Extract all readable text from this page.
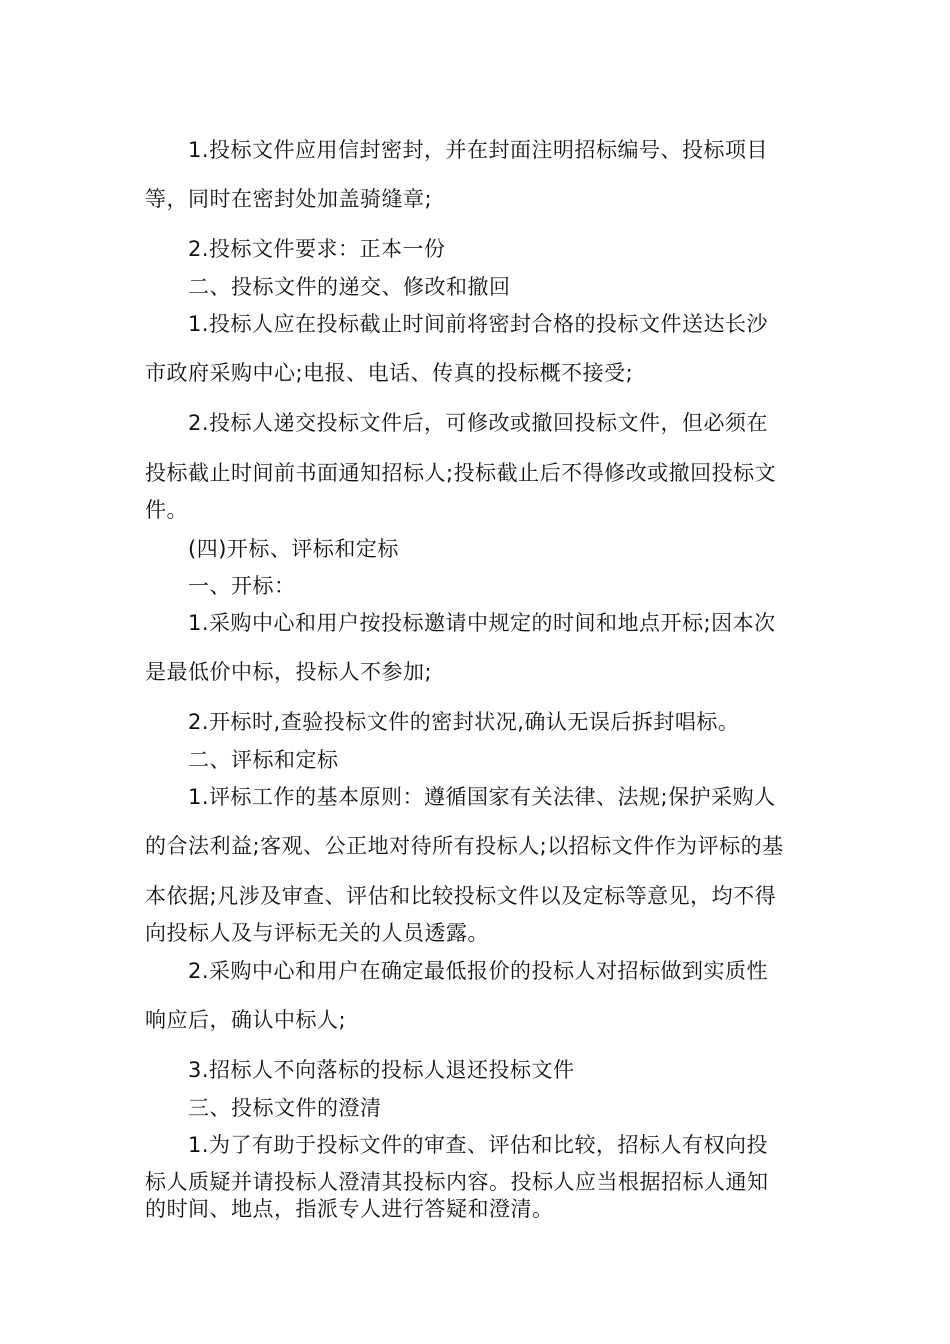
1.投标文件应用信封密封，并在封面注明招标编号、投标项目
等，同时在密封处加盖骑缝章;
2.投标文件要求：正本一份
二、投标文件的递交、修改和撤回
1.投标人应在投标截止时间前将密封合格的投标文件送达长沙
市政府采购中心;电报、电话、传真的投标概不接受;
2.投标人递交投标文件后，可修改或撤回投标文件，但必须在
投标截止时间前书面通知招标人;投标截止后不得修改或撤回投标文
件。
(四)开标、评标和定标
一、开标：
1.采购中心和用户按投标邀请中规定的时间和地点开标;因本次
是最低价中标，投标人不参加;
2.开标时,查验投标文件的密封状况,确认无误后拆封唱标。
二、评标和定标
1.评标工作的基本原则：遵循国家有关法律、法规;保护采购人
的合法利益;客观、公正地对待所有投标人;以招标文件作为评标的基
本依据;凡涉及审查、评估和比较投标文件以及定标等意见，均不得
向投标人及与评标无关的人员透露。
2.采购中心和用户在确定最低报价的投标人对招标做到实质性
响应后，确认中标人;
3.招标人不向落标的投标人退还投标文件
三、投标文件的澄清
1.为了有助于投标文件的审查、评估和比较，招标人有权向投
标人质疑并请投标人澄清其投标内容。投标人应当根据招标人通知
的时间、地点，指派专人进行答疑和澄清。
